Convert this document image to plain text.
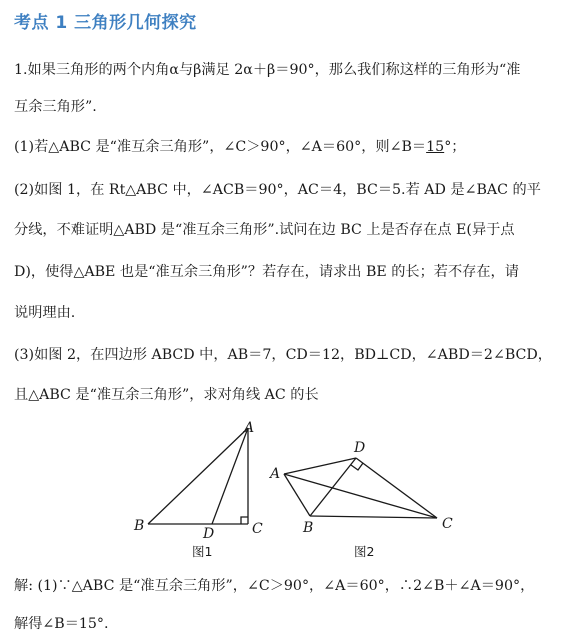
考点 1 三角形几何探究
1.如果三角形的两个内角α与β满足 2α＋β＝90°，那么我们称这样的三角形为“准
互余三角形”.
(1)若△ABC 是“准互余三角形”，∠C＞90°，∠A＝60°，则∠B＝15°；
(2)如图 1，在 Rt△ABC 中，∠ACB＝90°，AC＝4，BC＝5.若 AD 是∠BAC 的平
分线，不难证明△ABD 是“准互余三角形”.试问在边 BC 上是否存在点 E(异于点
D)，使得△ABE 也是“准互余三角形”？若存在，请求出 BE 的长；若不存在，请
说明理由.
(3)如图 2，在四边形 ABCD 中，AB＝7，CD＝12，BD⊥CD，∠ABD＝2∠BCD，
且△ABC 是“准互余三角形”，求对角线 AC 的长
A
B	C
D
图1
D
A
B	C
图2
解: (1)∵△ABC 是“准互余三角形”，∠C＞90°，∠A＝60°，∴2∠B＋∠A＝90°，
解得∠B＝15°.
